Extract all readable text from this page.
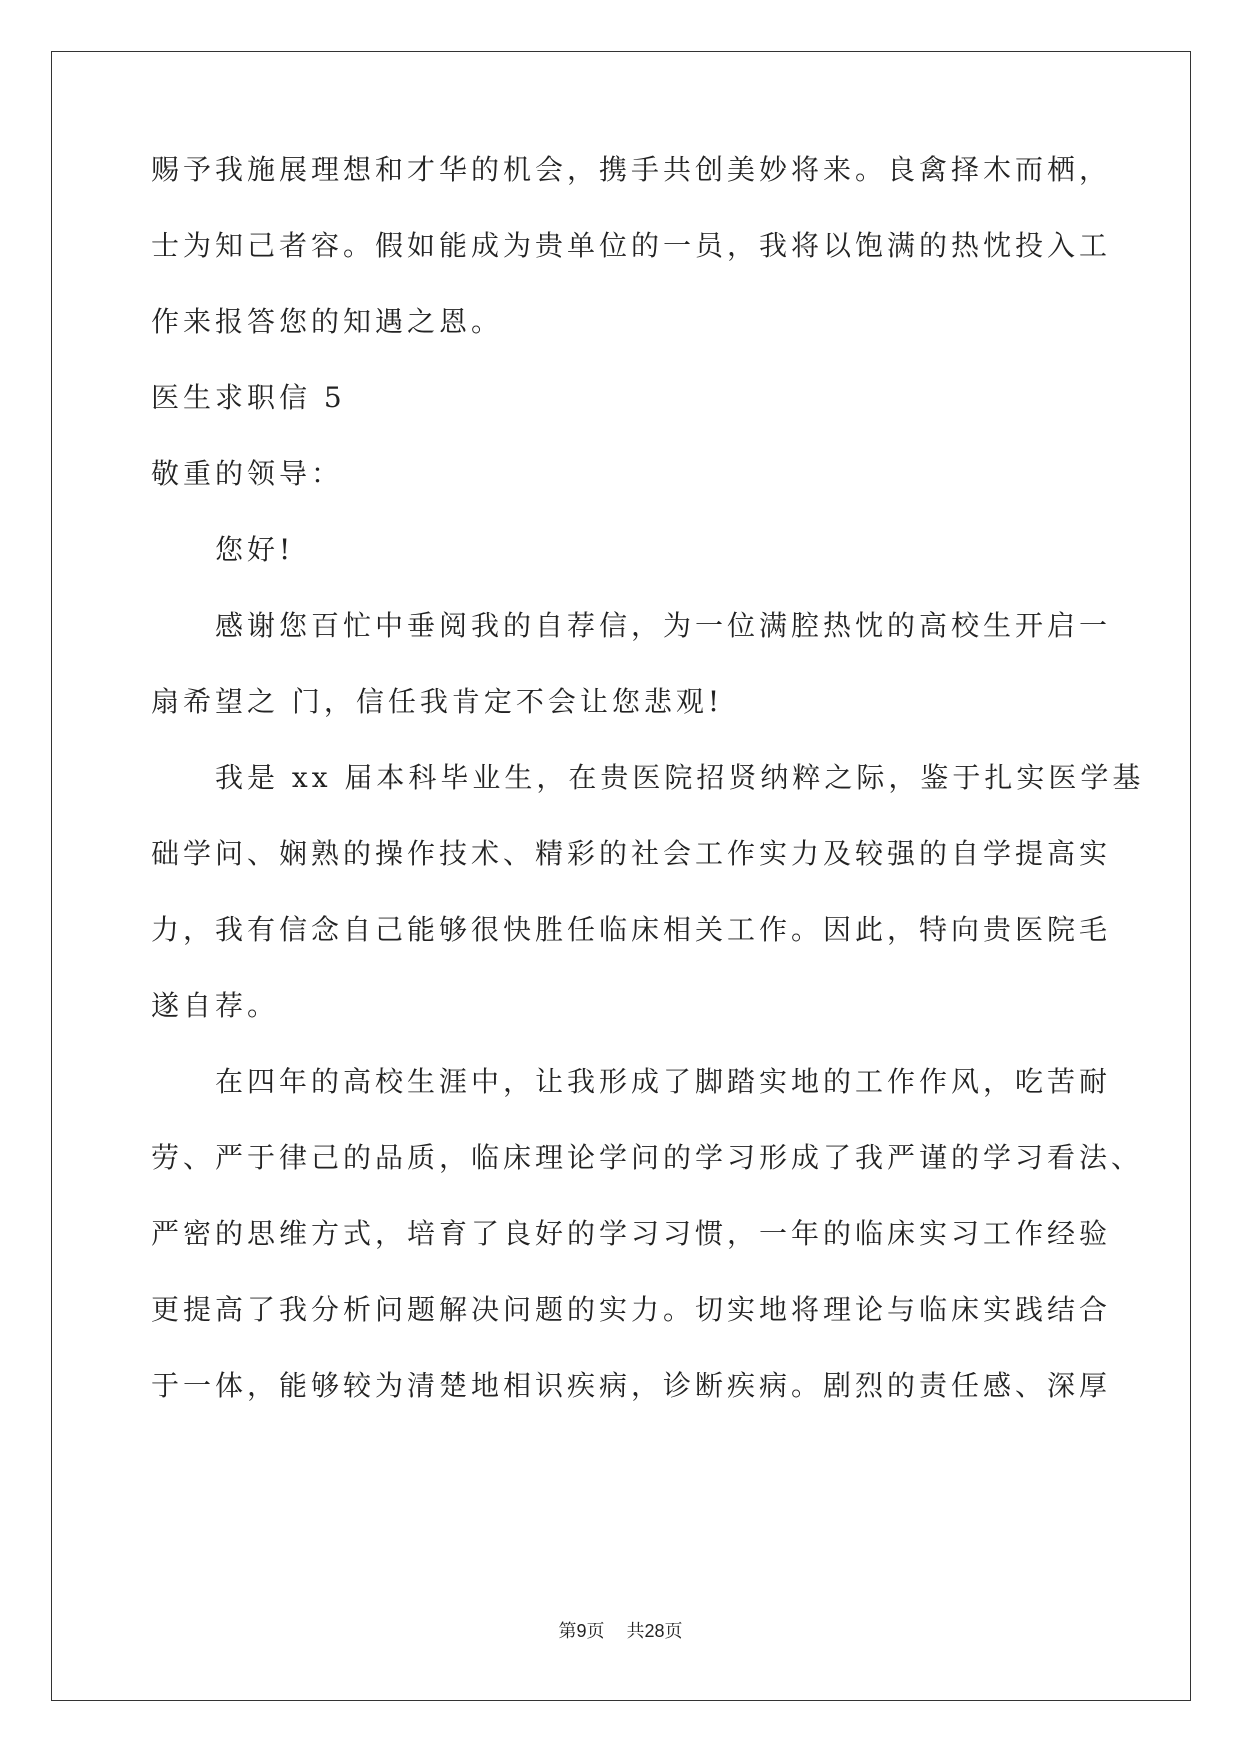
赐予我施展理想和才华的机会，携手共创美妙将来。良禽择木而栖，
士为知己者容。假如能成为贵单位的一员，我将以饱满的热忱投入工
作来报答您的知遇之恩。
医生求职信 5
敬重的领导：
您好!
感谢您百忙中垂阅我的自荐信，为一位满腔热忱的高校生开启一
扇希望之 门，信任我肯定不会让您悲观!
我是 xx 届本科毕业生，在贵医院招贤纳粹之际，鉴于扎实医学基
础学问、娴熟的操作技术、精彩的社会工作实力及较强的自学提高实
力，我有信念自己能够很快胜任临床相关工作。因此，特向贵医院毛
遂自荐。
在四年的高校生涯中，让我形成了脚踏实地的工作作风，吃苦耐
劳、严于律己的品质，临床理论学问的学习形成了我严谨的学习看法、
严密的思维方式，培育了良好的学习习惯，一年的临床实习工作经验
更提高了我分析问题解决问题的实力。切实地将理论与临床实践结合
于一体，能够较为清楚地相识疾病，诊断疾病。剧烈的责任感、深厚
第9页 共28页
